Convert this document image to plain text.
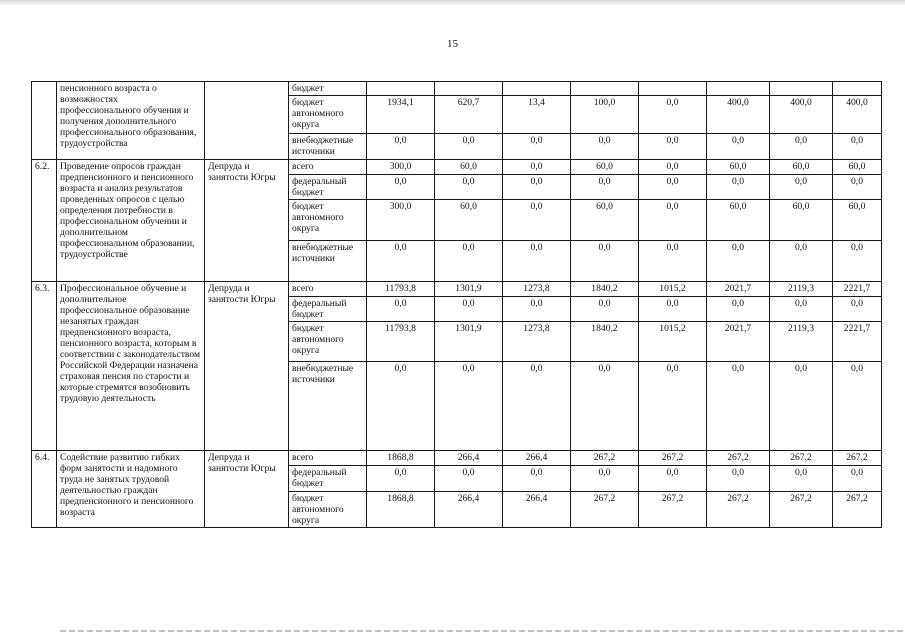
15
	пенсионного возраста о возможностях профессионального обучения и получения дополнительного профессионального образования, трудоустройства		бюджет								
			бюджет автономного округа	1934,1	620,7	13,4	100,0	0,0	400,0	400,0	400,0
			внебюджетные источники	0,0	0,0	0,0	0,0	0,0	0,0	0,0	0,0
6.2.	Проведение опросов граждан предпенсионного и пенсионного возраста и анализ результатов проведенных опросов с целью определения потребности в профессиональном обучении и дополнительном профессиональном образовании, трудоустройстве	Депруда и занятости Югры	всего	300,0	60,0	0,0	60,0	0,0	60,0	60,0	60,0
			федеральный бюджет	0,0	0,0	0,0	0,0	0,0	0,0	0,0	0,0
			бюджет автономного округа	300,0	60,0	0,0	60,0	0,0	60,0	60,0	60,0
			внебюджетные источники	0,0	0,0	0,0	0,0	0,0	0,0	0,0	0,0
6.3.	Профессиональное обучение и дополнительное профессиональное образование незанятых граждан предпенсионного возраста, пенсионного возраста, которым в соответствии с законодательством Российской Федерации назначена страховая пенсия по старости и которые стремятся возобновить трудовую деятельность	Депруда и занятости Югры	всего	11793,8	1301,9	1273,8	1840,2	1015,2	2021,7	2119,3	2221,7
			федеральный бюджет	0,0	0,0	0,0	0,0	0,0	0,0	0,0	0,0
			бюджет автономного округа	11793,8	1301,9	1273,8	1840,2	1015,2	2021,7	2119,3	2221,7
			внебюджетные источники	0,0	0,0	0,0	0,0	0,0	0,0	0,0	0,0
6.4.	Содействие развитию гибких форм занятости и надомного труда не занятых трудовой деятельностью граждан предпенсионного и пенсионного возраста	Депруда и занятости Югры	всего	1868,8	266,4	266,4	267,2	267,2	267,2	267,2	267,2
			федеральный бюджет	0,0	0,0	0,0	0,0	0,0	0,0	0,0	0,0
			бюджет автономного округа	1868,8	266,4	266,4	267,2	267,2	267,2	267,2	267,2
